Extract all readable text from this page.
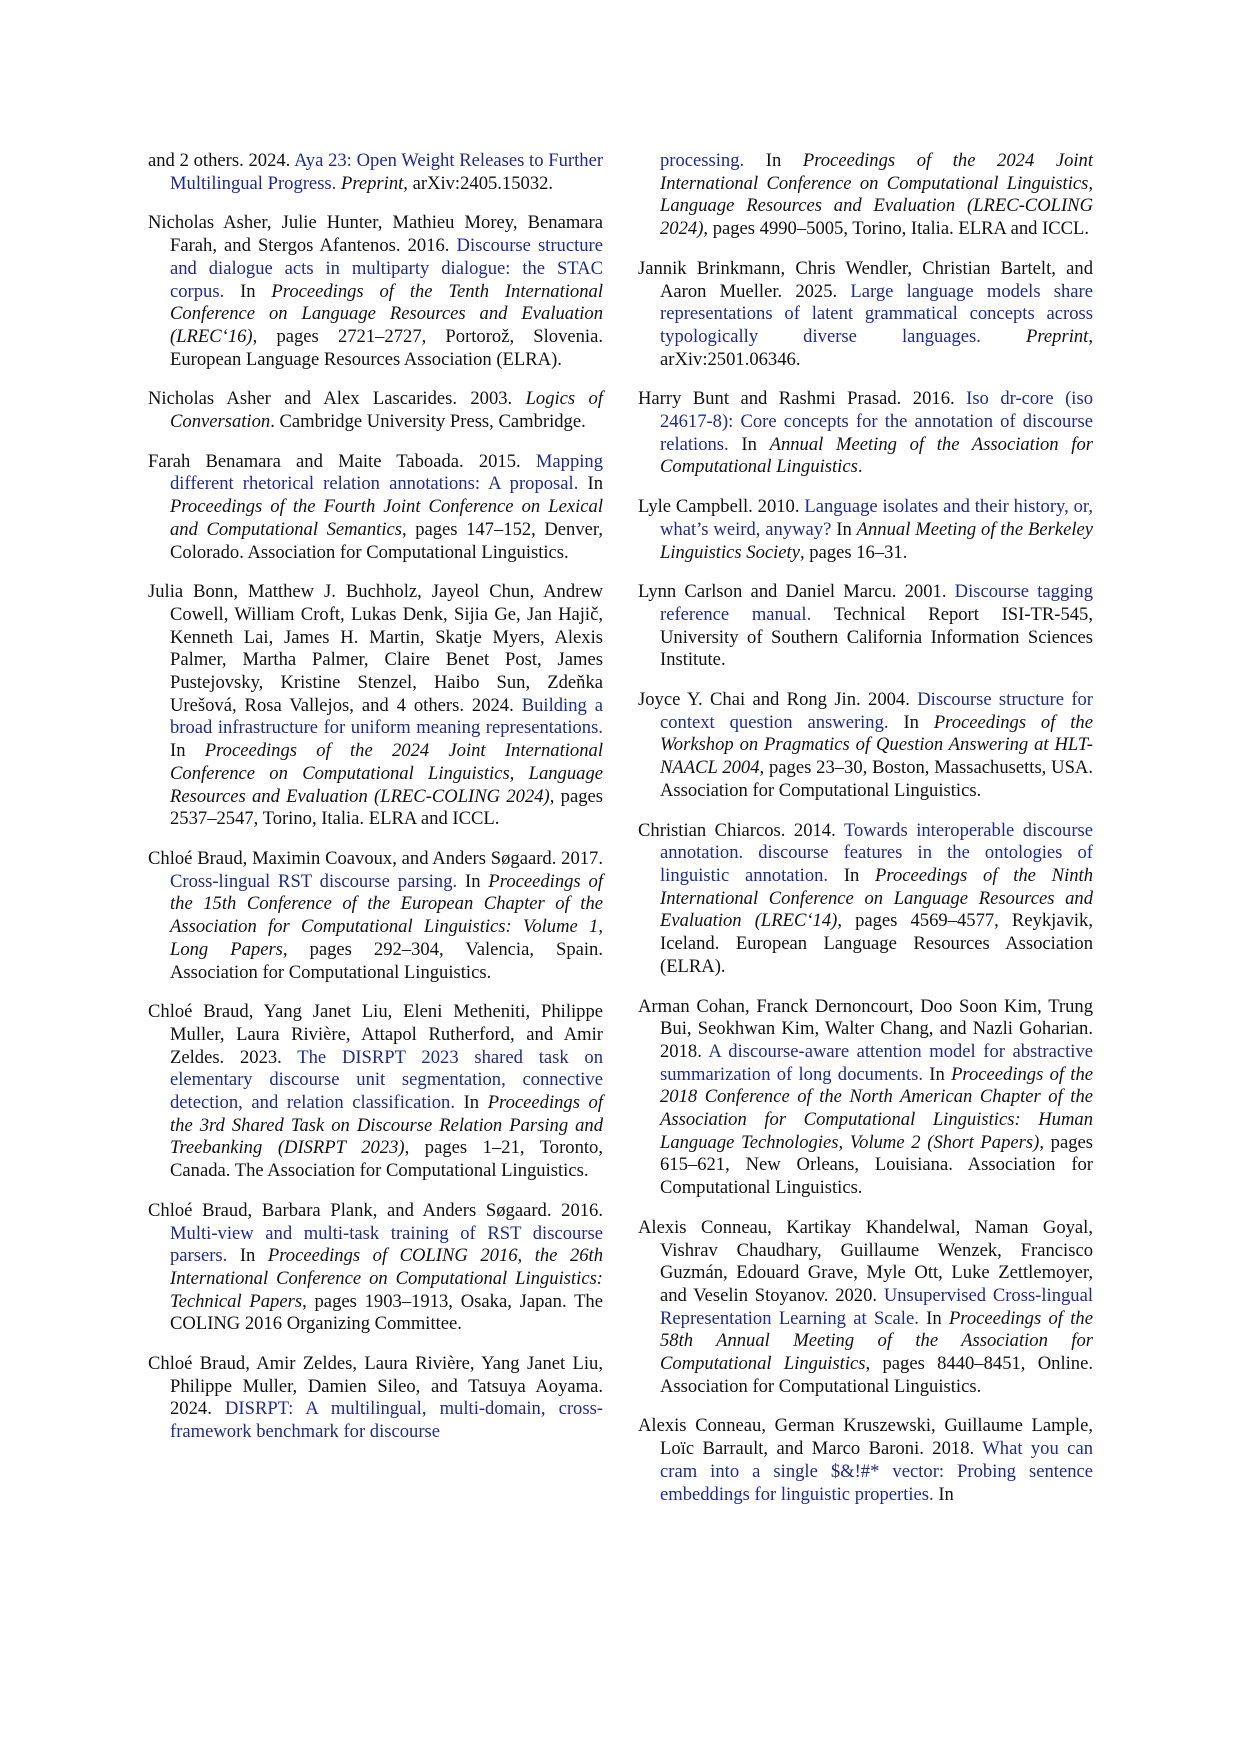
and 2 others. 2024. Aya 23: Open Weight Releases to Further Multilingual Progress. Preprint, arXiv:2405.15032.

Nicholas Asher, Julie Hunter, Mathieu Morey, Benamara Farah, and Stergos Afantenos. 2016. Discourse structure and dialogue acts in multiparty dialogue: the STAC corpus. In Proceedings of the Tenth International Conference on Language Resources and Evaluation (LREC‘16), pages 2721–2727, Portorož, Slovenia. European Language Resources Association (ELRA).

Nicholas Asher and Alex Lascarides. 2003. Logics of Conversation. Cambridge University Press, Cambridge.

Farah Benamara and Maite Taboada. 2015. Mapping different rhetorical relation annotations: A proposal. In Proceedings of the Fourth Joint Conference on Lexical and Computational Semantics, pages 147–152, Denver, Colorado. Association for Computational Linguistics.

Julia Bonn, Matthew J. Buchholz, Jayeol Chun, Andrew Cowell, William Croft, Lukas Denk, Sijia Ge, Jan Hajič, Kenneth Lai, James H. Martin, Skatje Myers, Alexis Palmer, Martha Palmer, Claire Benet Post, James Pustejovsky, Kristine Stenzel, Haibo Sun, Zdeňka Urešová, Rosa Vallejos, and 4 others. 2024. Building a broad infrastructure for uniform meaning representations. In Proceedings of the 2024 Joint International Conference on Computational Linguistics, Language Resources and Evaluation (LREC-COLING 2024), pages 2537–2547, Torino, Italia. ELRA and ICCL.

Chloé Braud, Maximin Coavoux, and Anders Søgaard. 2017. Cross-lingual RST discourse parsing. In Proceedings of the 15th Conference of the European Chapter of the Association for Computational Linguistics: Volume 1, Long Papers, pages 292–304, Valencia, Spain. Association for Computational Linguistics.

Chloé Braud, Yang Janet Liu, Eleni Metheniti, Philippe Muller, Laura Rivière, Attapol Rutherford, and Amir Zeldes. 2023. The DISRPT 2023 shared task on elementary discourse unit segmentation, connective detection, and relation classification. In Proceedings of the 3rd Shared Task on Discourse Relation Parsing and Treebanking (DISRPT 2023), pages 1–21, Toronto, Canada. The Association for Computational Linguistics.

Chloé Braud, Barbara Plank, and Anders Søgaard. 2016. Multi-view and multi-task training of RST discourse parsers. In Proceedings of COLING 2016, the 26th International Conference on Computational Linguistics: Technical Papers, pages 1903–1913, Osaka, Japan. The COLING 2016 Organizing Committee.

Chloé Braud, Amir Zeldes, Laura Rivière, Yang Janet Liu, Philippe Muller, Damien Sileo, and Tatsuya Aoyama. 2024. DISRPT: A multilingual, multi-domain, cross-framework benchmark for discourse

processing. In Proceedings of the 2024 Joint International Conference on Computational Linguistics, Language Resources and Evaluation (LREC-COLING 2024), pages 4990–5005, Torino, Italia. ELRA and ICCL.

Jannik Brinkmann, Chris Wendler, Christian Bartelt, and Aaron Mueller. 2025. Large language models share representations of latent grammatical concepts across typologically diverse languages. Preprint, arXiv:2501.06346.

Harry Bunt and Rashmi Prasad. 2016. Iso dr-core (iso 24617-8): Core concepts for the annotation of discourse relations. In Annual Meeting of the Association for Computational Linguistics.

Lyle Campbell. 2010. Language isolates and their history, or, what’s weird, anyway? In Annual Meeting of the Berkeley Linguistics Society, pages 16–31.

Lynn Carlson and Daniel Marcu. 2001. Discourse tagging reference manual. Technical Report ISI-TR-545, University of Southern California Information Sciences Institute.

Joyce Y. Chai and Rong Jin. 2004. Discourse structure for context question answering. In Proceedings of the Workshop on Pragmatics of Question Answering at HLT-NAACL 2004, pages 23–30, Boston, Massachusetts, USA. Association for Computational Linguistics.

Christian Chiarcos. 2014. Towards interoperable discourse annotation. discourse features in the ontologies of linguistic annotation. In Proceedings of the Ninth International Conference on Language Resources and Evaluation (LREC‘14), pages 4569–4577, Reykjavik, Iceland. European Language Resources Association (ELRA).

Arman Cohan, Franck Dernoncourt, Doo Soon Kim, Trung Bui, Seokhwan Kim, Walter Chang, and Nazli Goharian. 2018. A discourse-aware attention model for abstractive summarization of long documents. In Proceedings of the 2018 Conference of the North American Chapter of the Association for Computational Linguistics: Human Language Technologies, Volume 2 (Short Papers), pages 615–621, New Orleans, Louisiana. Association for Computational Linguistics.

Alexis Conneau, Kartikay Khandelwal, Naman Goyal, Vishrav Chaudhary, Guillaume Wenzek, Francisco Guzmán, Edouard Grave, Myle Ott, Luke Zettlemoyer, and Veselin Stoyanov. 2020. Unsupervised Cross-lingual Representation Learning at Scale. In Proceedings of the 58th Annual Meeting of the Association for Computational Linguistics, pages 8440–8451, Online. Association for Computational Linguistics.

Alexis Conneau, German Kruszewski, Guillaume Lample, Loïc Barrault, and Marco Baroni. 2018. What you can cram into a single $&!#* vector: Probing sentence embeddings for linguistic properties. In
